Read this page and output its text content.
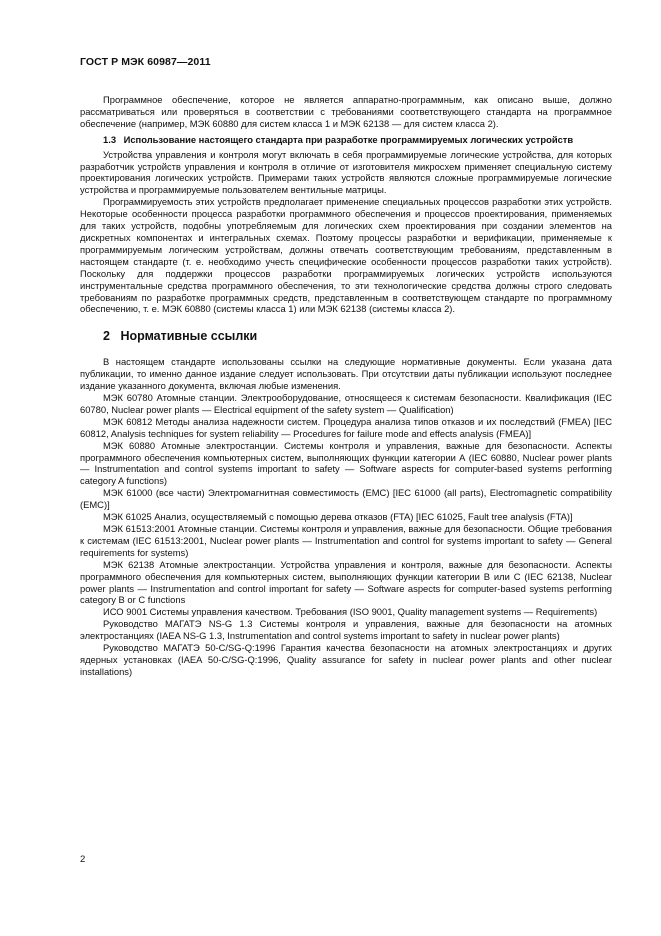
ГОСТ Р МЭК 60987—2011

Программное обеспечение, которое не является аппаратно-программным, как описано выше, должно рассматриваться или проверяться в соответствии с требованиями соответствующего стандарта на программное обеспечение (например, МЭК 60880 для систем класса 1 и МЭК 62138 — для систем класса 2).

1.3 Использование настоящего стандарта при разработке программируемых логических устройств

Устройства управления и контроля могут включать в себя программируемые логические устройства, для которых разработчик устройств управления и контроля в отличие от изготовителя микросхем применяет специальную систему проектирования логических устройств. Примерами таких устройств являются сложные программируемые логические устройства и программируемые пользователем вентильные матрицы.

Программируемость этих устройств предполагает применение специальных процессов разработки этих устройств. Некоторые особенности процесса разработки программного обеспечения и процессов проектирования, применяемых для таких устройств, подобны употребляемым для логических схем проектирования при создании элементов на дискретных компонентах и интегральных схемах. Поэтому процессы разработки и верификации, применяемые к программируемым логическим устройствам, должны отвечать соответствующим требованиям, представленным в настоящем стандарте (т. е. необходимо учесть специфические особенности процессов разработки таких устройств). Поскольку для поддержки процессов разработки программируемых логических устройств используются инструментальные средства программного обеспечения, то эти технологические средства должны строго следовать требованиям по разработке программных средств, представленным в соответствующем стандарте по программному обеспечению, т. е. МЭК 60880 (системы класса 1) или МЭК 62138 (системы класса 2).

2 Нормативные ссылки

В настоящем стандарте использованы ссылки на следующие нормативные документы. Если указана дата публикации, то именно данное издание следует использовать. При отсутствии даты публикации используют последнее издание указанного документа, включая любые изменения.

МЭК 60780 Атомные станции. Электрооборудование, относящееся к системам безопасности. Квалификация (IEC 60780, Nuclear power plants — Electrical equipment of the safety system — Qualification)

МЭК 60812 Методы анализа надежности систем. Процедура анализа типов отказов и их последствий (FMEA) [IEC 60812, Analysis techniques for system reliability — Procedures for failure mode and effects analysis (FMEA)]

МЭК 60880 Атомные электростанции. Системы контроля и управления, важные для безопасности. Аспекты программного обеспечения компьютерных систем, выполняющих функции категории А (IEC 60880, Nuclear power plants — Instrumentation and control systems important to safety — Software aspects for computer-based systems performing category A functions)

МЭК 61000 (все части) Электромагнитная совместимость (EMC) [IEC 61000 (all parts), Electromagnetic compatibility (EMC)]

МЭК 61025 Анализ, осуществляемый с помощью дерева отказов (FTA) [IEC 61025, Fault tree analysis (FTA)]

МЭК 61513:2001 Атомные станции. Системы контроля и управления, важные для безопасности. Общие требования к системам (IEC 61513:2001, Nuclear power plants — Instrumentation and control for systems important to safety — General requirements for systems)

МЭК 62138 Атомные электростанции. Устройства управления и контроля, важные для безопасности. Аспекты программного обеспечения для компьютерных систем, выполняющих функции категории В или С (IEC 62138, Nuclear power plants — Instrumentation and control important for safety — Software aspects for computer-based systems performing category B or C functions

ИСО 9001 Системы управления качеством. Требования (ISO 9001, Quality management systems — Requirements)

Руководство МАГАТЭ NS-G 1.3 Системы контроля и управления, важные для безопасности на атомных электростанциях (IAEA NS-G 1.3, Instrumentation and control systems important to safety in nuclear power plants)

Руководство МАГАТЭ 50-C/SG-Q:1996 Гарантия качества безопасности на атомных электростанциях и других ядерных установках (IAEA 50-C/SG-Q:1996, Quality assurance for safety in nuclear power plants and other nuclear installations)

2
